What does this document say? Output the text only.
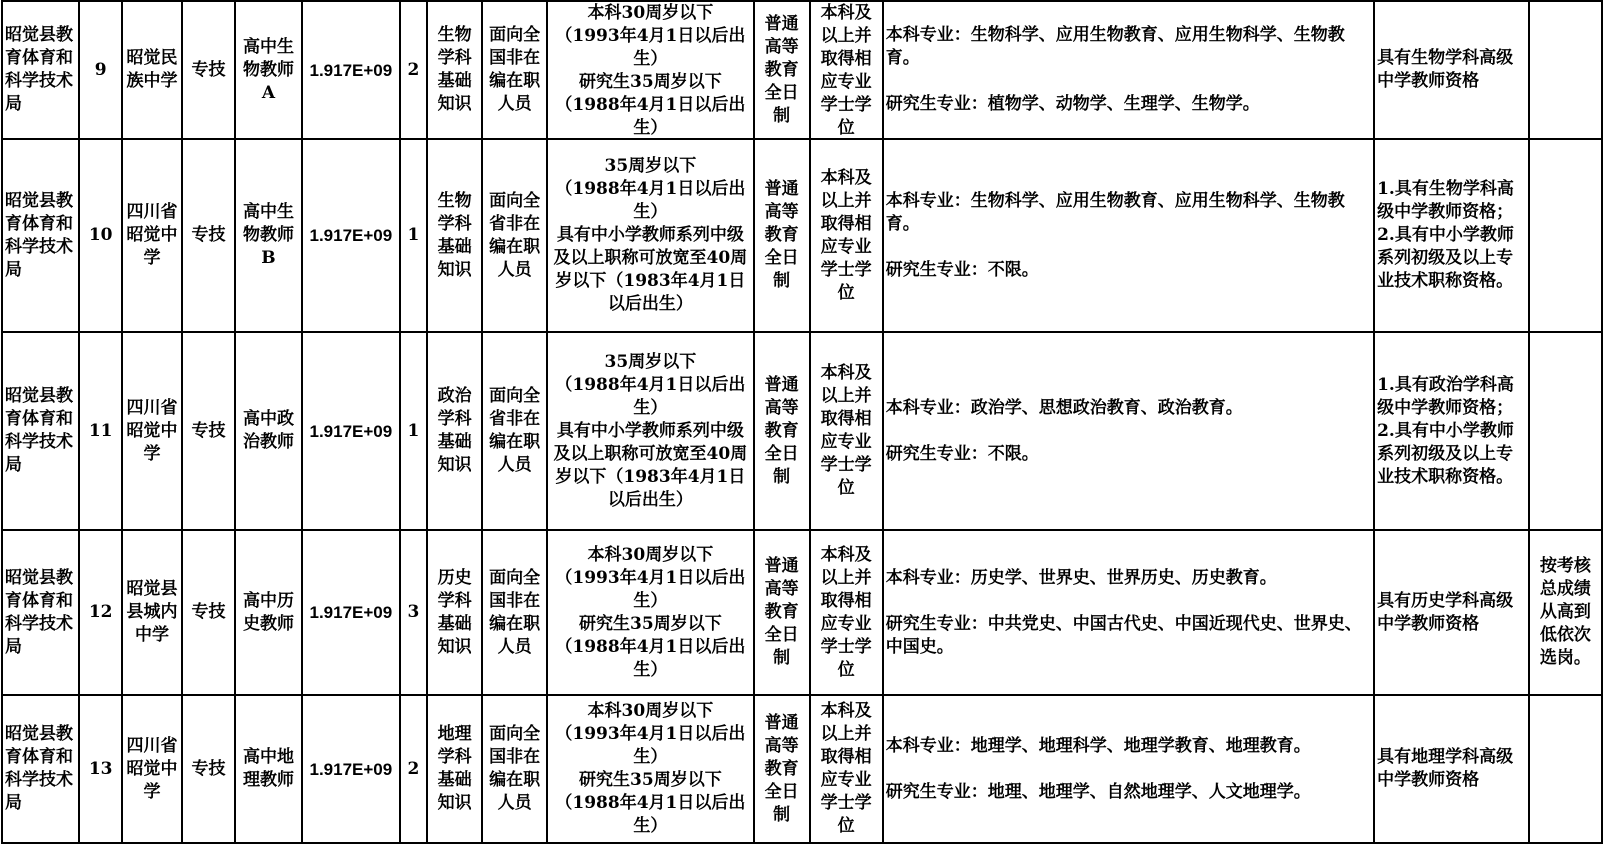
昭觉县教育体育和科学技术局	9	昭觉民族中学	专技	高中生物教师A	1.917E+09	2	生物学科基础知识	面向全国非在编在职人员	本科30周岁以下
（1993年4月1日以后出生）
研究生35周岁以下
（1988年4月1日以后出生）	普通高等教育全日制	本科及以上并取得相应专业学士学位	本科专业：生物科学、应用生物教育、应用生物科学、生物教育。
研究生专业：植物学、动物学、生理学、生物学。	具有生物学科高级中学教师资格	
昭觉县教育体育和科学技术局	10	四川省昭觉中学	专技	高中生物教师B	1.917E+09	1	生物学科基础知识	面向全省非在编在职人员	35周岁以下
（1988年4月1日以后出生）
具有中小学教师系列中级及以上职称可放宽至40周岁以下（1983年4月1日以后出生）	普通高等教育全日制	本科及以上并取得相应专业学士学位	本科专业：生物科学、应用生物教育、应用生物科学、生物教育。
研究生专业：不限。	1.具有生物学科高级中学教师资格；
2.具有中小学教师系列初级及以上专业技术职称资格。	
昭觉县教育体育和科学技术局	11	四川省昭觉中学	专技	高中政治教师	1.917E+09	1	政治学科基础知识	面向全省非在编在职人员	35周岁以下
（1988年4月1日以后出生）
具有中小学教师系列中级及以上职称可放宽至40周岁以下（1983年4月1日以后出生）	普通高等教育全日制	本科及以上并取得相应专业学士学位	本科专业：政治学、思想政治教育、政治教育。
研究生专业：不限。	1.具有政治学科高级中学教师资格；
2.具有中小学教师系列初级及以上专业技术职称资格。	
昭觉县教育体育和科学技术局	12	昭觉县县城内中学	专技	高中历史教师	1.917E+09	3	历史学科基础知识	面向全国非在编在职人员	本科30周岁以下
（1993年4月1日以后出生）
研究生35周岁以下
（1988年4月1日以后出生）	普通高等教育全日制	本科及以上并取得相应专业学士学位	本科专业：历史学、世界史、世界历史、历史教育。
研究生专业：中共党史、中国古代史、中国近现代史、世界史、中国史。	具有历史学科高级中学教师资格	按考核总成绩从高到低依次选岗。
昭觉县教育体育和科学技术局	13	四川省昭觉中学	专技	高中地理教师	1.917E+09	2	地理学科基础知识	面向全国非在编在职人员	本科30周岁以下
（1993年4月1日以后出生）
研究生35周岁以下
（1988年4月1日以后出生）	普通高等教育全日制	本科及以上并取得相应专业学士学位	本科专业：地理学、地理科学、地理学教育、地理教育。
研究生专业：地理、地理学、自然地理学、人文地理学。	具有地理学科高级中学教师资格	
